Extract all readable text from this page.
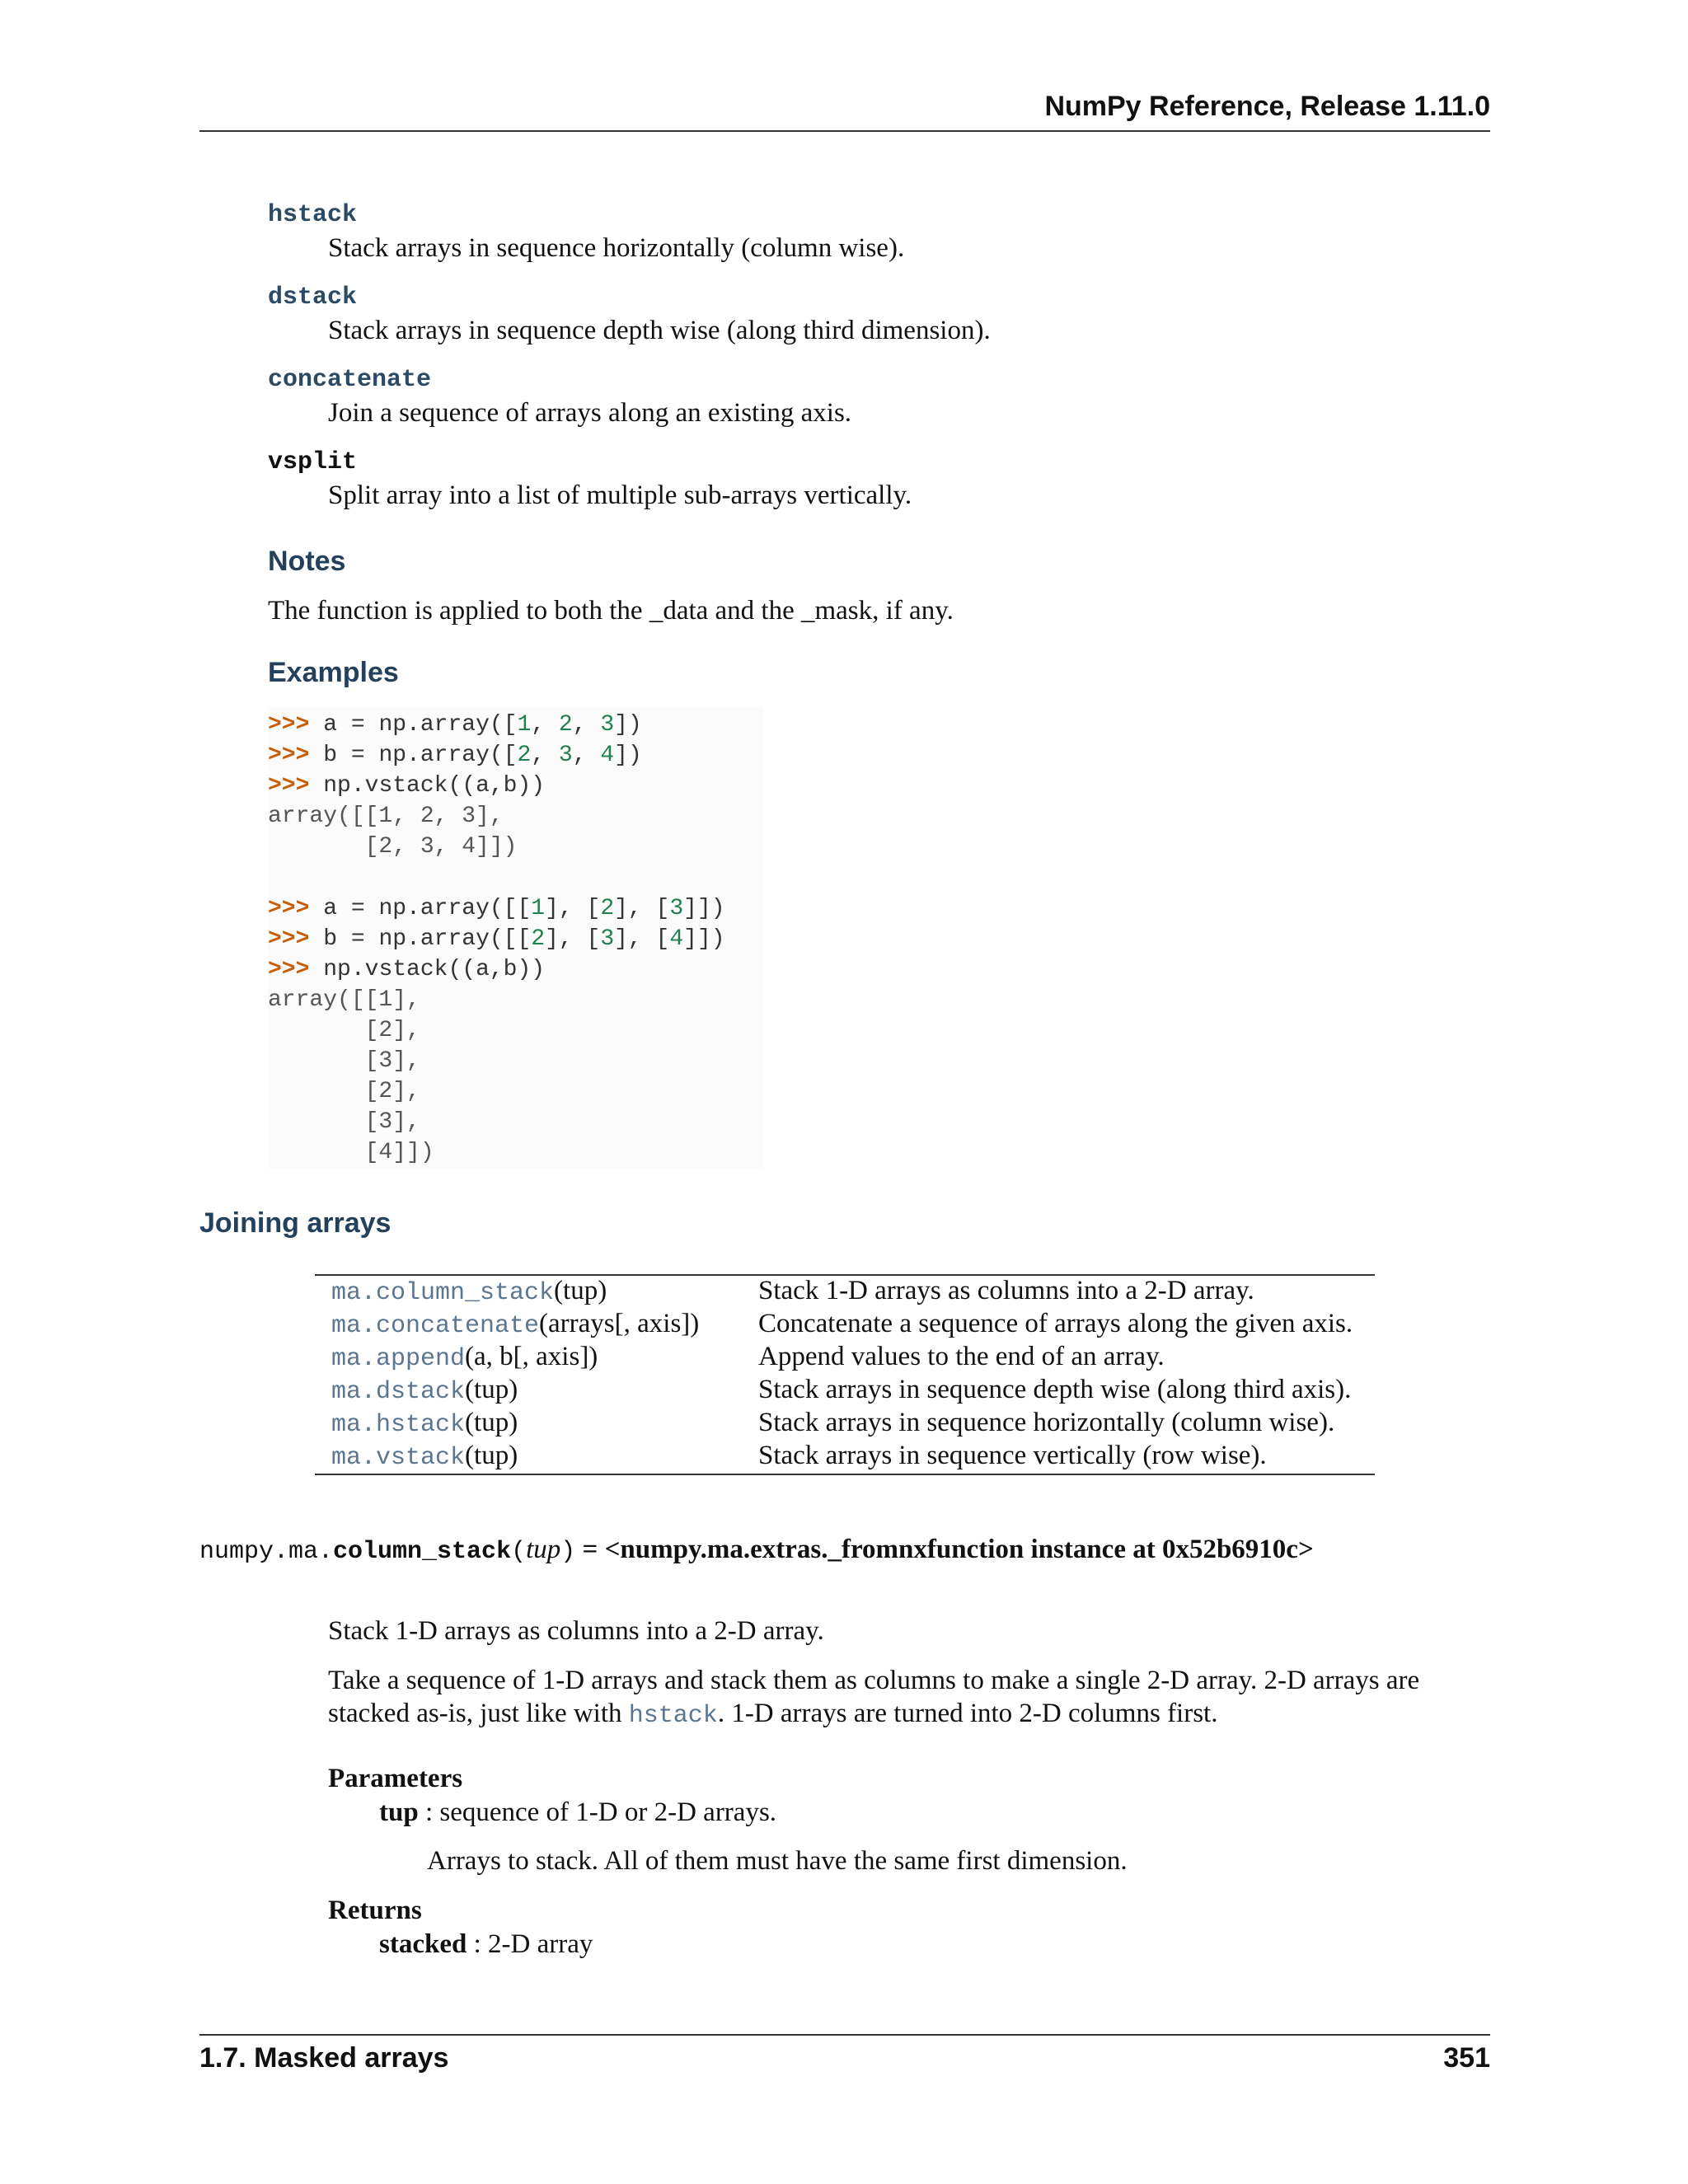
NumPy Reference, Release 1.11.0
hstack
Stack arrays in sequence horizontally (column wise).
dstack
Stack arrays in sequence depth wise (along third dimension).
concatenate
Join a sequence of arrays along an existing axis.
vsplit
Split array into a list of multiple sub-arrays vertically.
Notes
The function is applied to both the _data and the _mask, if any.
Examples
>>> a = np.array([1, 2, 3])
>>> b = np.array([2, 3, 4])
>>> np.vstack((a,b))
array([[1, 2, 3],
[2, 3, 4]])
>>> a = np.array([[1], [2], [3]])
>>> b = np.array([[2], [3], [4]])
>>> np.vstack((a,b))
array([[1],
[2],
[3],
[2],
[3],
[4]])
Joining arrays
ma.column_stack(tup)	Stack 1-D arrays as columns into a 2-D array.
ma.concatenate(arrays[, axis]) Concatenate a sequence of arrays along the given axis.
ma.append(a, b[, axis])	Append values to the end of an array.
ma.dstack(tup)	Stack arrays in sequence depth wise (along third axis).
ma.hstack(tup)	Stack arrays in sequence horizontally (column wise).
ma.vstack(tup)	Stack arrays in sequence vertically (row wise).
numpy.ma.column_stack(tup) = <numpy.ma.extras._fromnxfunction instance at 0x52b6910c>
Stack 1-D arrays as columns into a 2-D array.
Take a sequence of 1-D arrays and stack them as columns to make a single 2-D array. 2-D arrays are
stacked as-is, just like with hstack. 1-D arrays are turned into 2-D columns first.
Parameters
tup : sequence of 1-D or 2-D arrays.
Arrays to stack. All of them must have the same first dimension.
Returns
stacked : 2-D array
1.7. Masked arrays	351
